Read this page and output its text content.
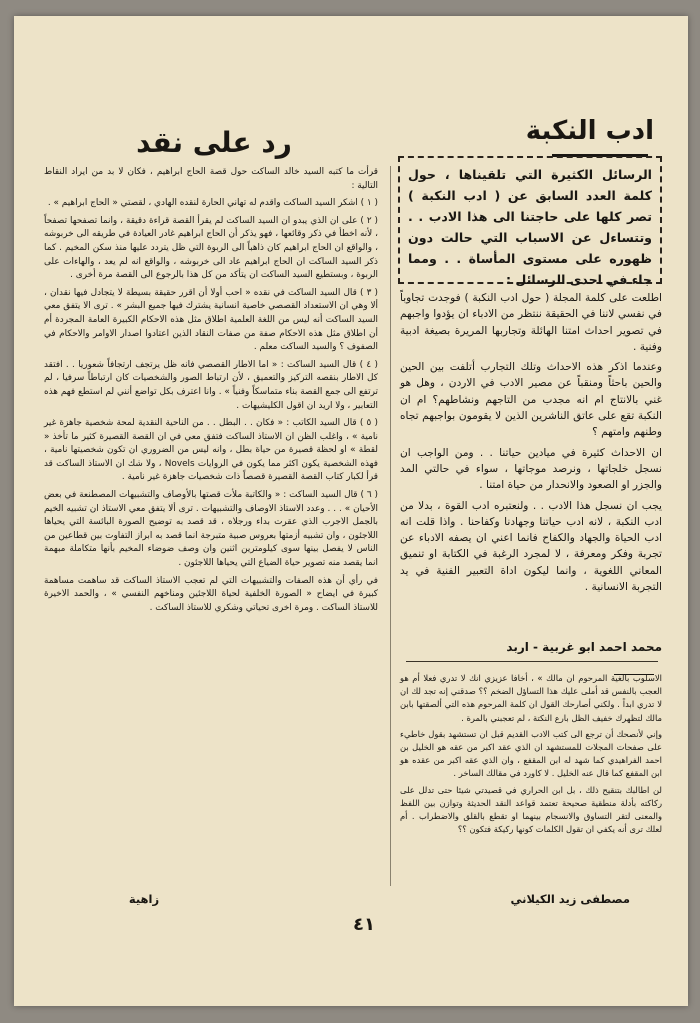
ادب النكبة
رد على نقد
الرسائل الكثيرة التي تلقيناها ، حول كلمة العدد السابق عن ( ادب النكبة ) تصر كلها على حاجتنا الى هذا الادب . . وتتساءل عن الاسباب التي حالت دون ظهوره على مستوى المأساة . . ومما جاء في احدى الرسائل :

اطلعت على كلمة المجلة ( حول ادب النكبة ) فوجدت تجاوباً في نفسي لاننا في الحقيقة ننتظر من الادباء ان يؤدوا واجبهم في تصوير احداث امتنا الهائلة وتجاربها المريرة بصيغة ادبية وفنية .

وعندما اذكر هذه الاحداث وتلك التجارب أتلفت بين الحين والحين باحثاً ومنقباً عن مصير الادب في الاردن ، وهل هو غني بالانتاج ام انه مجدب من التاجهم ونشاطهم؟ ام ان النكبة تقع على عاتق الناشرين الذين لا يقومون بواجبهم تجاه وطنهم وامتهم ؟

ان الاحداث كثيرة في ميادين حياتنا . . ومن الواجب ان نسجل خلجاتها ، ونرصد موجاتها ، سواء في حالتي المد والجزر او الصعود والانحدار من حياة امتنا .

يجب ان نسجل هذا الادب . . ولنعتبره ادب القوة ، بدلا من ادب النكبة ، لانه ادب حياتنا وجهادنا وكفاحنا . واذا قلت انه ادب الحياة والجهاد والكفاح فانما اعني ان يصفه الادباء عن تجربة وفكر ومعرفة ، لا لمجرد الرغبة في الكتابة او تنميق المعاني اللغوية ، وانما ليكون اداة التعبير الفنية في يد التجربة الانسانية .

محمد احمد ابو غربية - اربد

الاسلوب بالغية المرحوم ان مالك » ، أخافا عزيزي انك لا تدري فعلا أم هو العجب بالنفس قد أملى عليك هذا التساؤل الضخم ؟؟ صدقني إنه تجد لك ان لا تدري ابداً . ولكني أصارحك القول ان كلمة المرحوم هذه التي ألصقتها بابن مالك لتظهرك خفيف الظل بارع النكتة ، لم تعجبني بالمرة .

وإني لأنصحك أن ترجع الى كتب الادب القديم قبل ان تستشهد بقول خاطيء على صفحات المجلات للمستشهد ان الذي عقد اكبر من عقه هو الخليل بن احمد الفراهيدي كما شهد له ابن المقفع ، وان الذي عقه اكبر من عقده هو ابن المقفع كما قال عنه الخليل . لا كاورد في مقالك الساخر .

لن اطالبك بتنقيح ذلك ، بل ابن الحراري في قصيدتي شيئا حتى تدلل على ركاكته بأدلة منطقية صحيحة تعتمد قواعد النقد الحديثة وتوازن بين اللفظ والمعنى لتقر التساوق والانسجام بينهما او تقطع بالقلق والاضطراب . أم لعلك ترى أنه يكفي ان تقول الكلمات كونها ركيكة فتكون ؟؟

مصطفى زيد الكيلاني

قرأت ما كتبه السيد خالد الساكت حول قصة الحاج ابراهيم ، فكان لا بد من ايراد النقاط التالية :

( ١ ) اشكر السيد الساكت واقدم له تهاني الحارة لنقده الهادي ، لقصتي « الحاج ابراهيم » .

( ٢ ) على ان الذي يبدو ان السيد الساكت لم يقرأ القصة قراءة دقيقة ، وانما تصفحها تصفحاً ، لأنه اخطأ في ذكر وقائعها ، فهو يذكر أن الحاج ابراهيم غادر العيادة في طريقه الى خربوشه ، والواقع ان الحاج ابراهيم كان ذاهباً الى الربوة التي ظل يتردد عليها منذ سكن المخيم . كما ذكر السيد الساكت ان الحاج ابراهيم عاد الى خربوشه ، والواقع انه لم يعد ، والهاءات على الربوة ، وبستطيع السيد الساكت ان يتأكد من كل هذا بالرجوع الى القصة مرة أخرى .

( ٣ ) قال السيد الساكت في نقده « احب أولا أن اقرر حقيقة بسيطة لا يتجادل فيها نقدان ، ألا وهي ان الاستعداد القصصي خاصية انسانية يشترك فيها جميع البشر » . ترى الا يتفق معي السيد الساكت أنه ليس من اللغة العلمية اطلاق مثل هذه الاحكام الكبيرة العامة المجردة أم أن اطلاق مثل هذه الاحكام صفة من صفات النقاد الذين اعتادوا اصدار الاوامر والاحكام في الصفوف ؟ والسيد الساكت معلم .

( ٤ ) قال السيد الساكت : « اما الاطار القصصي فانه ظل يرتجف ارتجافاً شعوريا . . افتقد كل الاطار بنقصه التركيز والتعميق ، لأن ارتباط الصور والشخصيات كان ارتباطاً سرفيا ، لم ترتفع الى جمع القصة بناء متماسكاً وفنياً » . وانا اعترف بكل تواضع أنني لم استطع فهم هذه التعابير ، ولا اريد ان اقول الكليشيهات .

( ٥ ) قال السيد الكاتب : « فكان . . البطل . . من الناحية النقدية لمحة شخصية جاهزة غير نامية » ، واغلب الظن ان الاستاذ الساكت فتفق معي في ان القصة القصيرة كثير ما تأخذ « لقطة » او لحظة قصيرة من حياة بطل ، وانه ليس من الضروري ان تكون شخصيتها نامية ، فهذه الشخصية يكون اكثر مما يكون في الروايات Novels ، ولا شك ان الاستاذ الساكت قد قرأ لكبار كتاب القصة القصيرة قصصاً ذات شخصيات جاهزة غير نامية .

( ٦ ) قال السيد الساكت : « والكاتبة ملأت قصتها بالأوصاف والتشبيهات المصطنعة في بعض الأحيان » . . . وعدد الاستاذ الاوصاف والتشبيهات . ترى ألا يتفق معي الاستاذ ان تشبيه الخيم بالجمل الاجرب الذي عقرت بداء ورجلاه ، قد قصد به توضيح الصورة البائسة التي يحياها اللاجئون ، وان تشبيه أزمتها بعروس صبية متبرجة انما قصد به ابراز التفاوت بين قطاعين من الناس لا يفصل بينها سوى كيلومترين اثنين وان وصف ضوضاء المخيم بأنها متكاملة مبهمة انما يقصد منه تصوير حياة الضياع التي يحياها اللاجئون .

في رأي أن هذه الصفات والتشبيهات التي لم تعجب الاستاذ الساكت قد ساهمت مساهمة كبيرة في ايضاح « الصورة الخلفية لحياة اللاجئين ومناخهم النفسي » ، والحمد الاخيرة للاستاذ الساكت . ومرة اخرى تحياتي وشكري للاستاذ الساكت .

زاهية
٤١
